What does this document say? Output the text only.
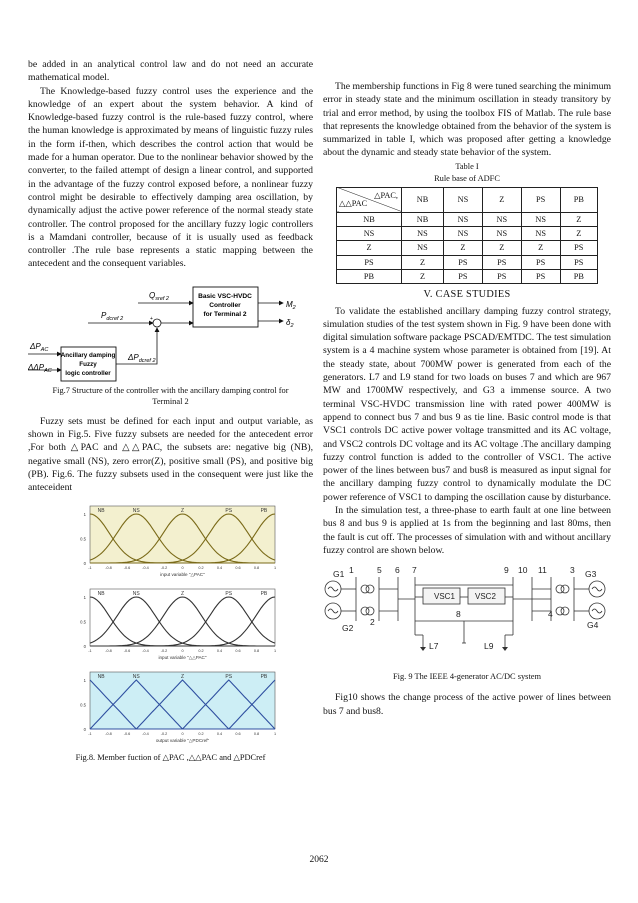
be added in an analytical control law and do not need an accurate mathematical model.

The Knowledge-based fuzzy control uses the experience and the knowledge of an expert about the system behavior. A kind of Knowledge-based fuzzy control is the rule-based fuzzy control, where the human knowledge is approximated by means of linguistic fuzzy rules in the form if-then, which describes the control action that would be made for a human operator. Due to the nonlinear behavior showed by the converter, to the failed attempt of design a linear control, and supported in the advantage of the fuzzy control exposed before, a nonlinear fuzzy control might be desirable to effectively damping area oscillation, by dynamically adjust the active power reference of the normal steady state controller. The control proposed for the ancillary fuzzy logic controllers is a Mamdani controller, because of it is usually used as feedback controller .The rule base represents a static mapping between the antecedent and the consequent variables.

Basic VSC-HVDC
Controller
for Terminal 2
$Q_{sref 2}$
$P_{dcref 2}$	+
+
$M_2$
$\delta_2$
Ancillary damping
Fuzzy
logic controller
$\Delta P_{AC}$
$\Delta\Delta P_{AC}$
$\Delta P_{dcref 2}$
Fig.7 Structure of the controller with the ancillary damping control for Terminal 2

Fuzzy sets must be defined for each input and output variable, as shown in Fig.5. Five fuzzy subsets are needed for the antecedent error ,For both △PAC and △△PAC, the subsets are: negative big (NB), negative small (NS), zero error(Z), positive small (PS), and positive big (PB). Fig.6. The fuzzy subsets used in the consequent were just like the anteceident

NB	NS	Z	PS	PB
0
0.5
1
-1	-0.8	-0.6	-0.4	-0.2	0	0.2	0.4	0.6	0.8	1
input variable "△PAC"
NB	NS	Z	PS	PB
0
0.5
1
-1	-0.8	-0.6	-0.4	-0.2	0	0.2	0.4	0.6	0.8	1
input variable "△△PAC"
NB	NS	Z	PS	PB
0
0.5
1
-1	-0.8	-0.6	-0.4	-0.2	0	0.2	0.4	0.6	0.8	1
output variable "△PDCref"
Fig.8. Member fuction of △PAC ,△△PAC and △PDCref

The membership functions in Fig 8 were tuned searching the minimum error in steady state and the minimum oscillation in steady transitory by trial and error method, by using the toolbox FIS of Matlab. The rule base that represents the knowledge obtained from the behavior of the system is summarized in table I, which was proposed after getting a knowledge about the dynamic and steady state behavior of the system.

Table I
Rule base of ADFC
△PAC,
△△PAC	NB	NS	Z	PS	PB
NB	NB	NS	NS	NS	Z
NS	NS	NS	NS	NS	Z
Z	NS	Z	Z	Z	PS
PS	Z	PS	PS	PS	PS
PB	Z	PS	PS	PS	PB
V. CASE STUDIES

To validate the established ancillary damping fuzzy control strategy, simulation studies of the test system shown in Fig. 9 have been done with digital simulation software package PSCAD/EMTDC. The test simulation system is a 4 machine system whose parameter is obtained from [19]. At the steady state, about 700MW power is generated from each of the generators. L7 and L9 stand for two loads on buses 7 and which are 967 MW and 1700MW respectively, and G3 a immense source. A two terminal VSC-HVDC transmission line with rated power 400MW is append to connect bus 7 and bus 9 as tie line. Basic control mode is that VSC1 controls DC active power voltage transmitted and its AC voltage, and VSC2 controls DC voltage and its AC voltage .The ancillary damping fuzzy control function is added to the controller of VSC1. The active power of the lines between bus7 and bus8 is measured as input signal for the ancillary damping fuzzy control to dynamically modulate the DC power reference of VSC1 to damping the oscillation cause by disturbance.

In the simulation test, a three-phase to earth fault at one line between bus 8 and bus 9 is applied at 1s from the beginning and last 80ms, then the fault is cut off. The processes of simulation with and without ancillary fuzzy control are shown below.

VSC1	VSC2
G1
G2
G3
G4
1
2
3
4
5 6 7
8
9 10 11
L7	L9
Fig. 9 The IEEE 4-generator AC/DC system

Fig10 shows the change process of the active power of lines between bus 7 and bus8.

2062
